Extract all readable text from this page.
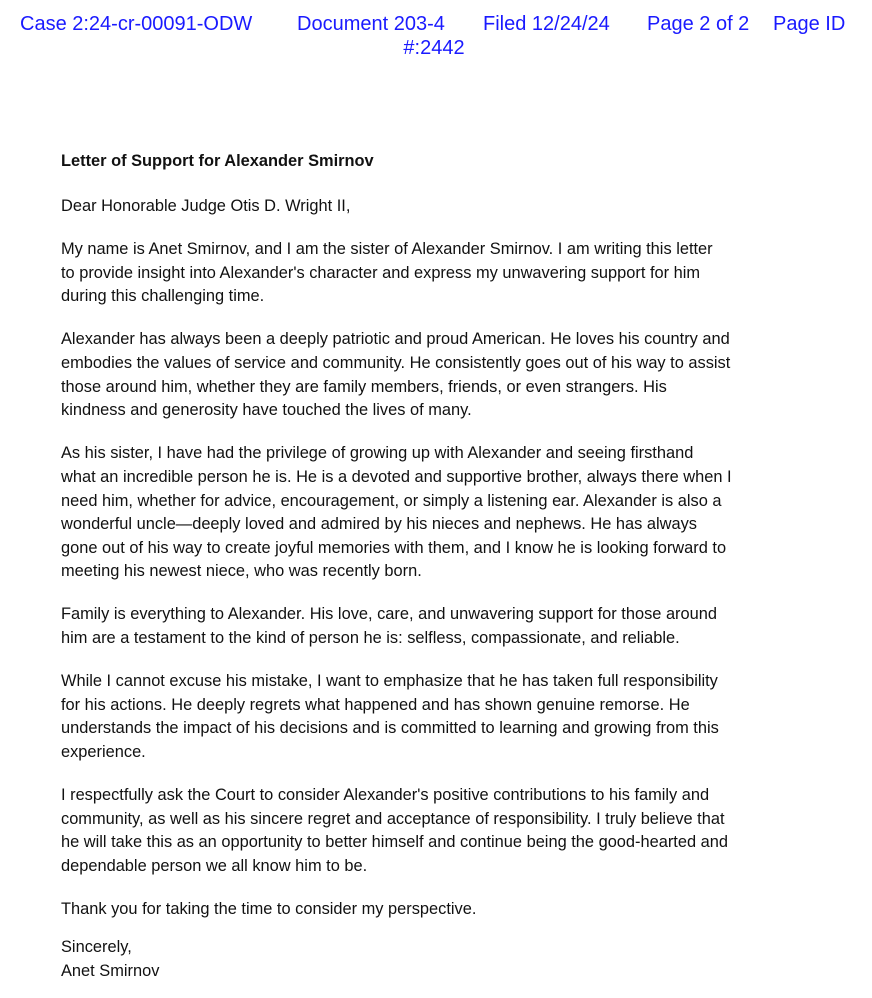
Case 2:24-cr-00091-ODW Document 203-4 Filed 12/24/24 Page 2 of 2 Page ID
#:2442
Letter of Support for Alexander Smirnov
Dear Honorable Judge Otis D. Wright II,
My name is Anet Smirnov, and I am the sister of Alexander Smirnov. I am writing this letter
to provide insight into Alexander's character and express my unwavering support for him
during this challenging time.
Alexander has always been a deeply patriotic and proud American. He loves his country and
embodies the values of service and community. He consistently goes out of his way to assist
those around him, whether they are family members, friends, or even strangers. His
kindness and generosity have touched the lives of many.
As his sister, I have had the privilege of growing up with Alexander and seeing firsthand
what an incredible person he is. He is a devoted and supportive brother, always there when I
need him, whether for advice, encouragement, or simply a listening ear. Alexander is also a
wonderful uncle—deeply loved and admired by his nieces and nephews. He has always
gone out of his way to create joyful memories with them, and I know he is looking forward to
meeting his newest niece, who was recently born.
Family is everything to Alexander. His love, care, and unwavering support for those around
him are a testament to the kind of person he is: selfless, compassionate, and reliable.
While I cannot excuse his mistake, I want to emphasize that he has taken full responsibility
for his actions. He deeply regrets what happened and has shown genuine remorse. He
understands the impact of his decisions and is committed to learning and growing from this
experience.
I respectfully ask the Court to consider Alexander's positive contributions to his family and
community, as well as his sincere regret and acceptance of responsibility. I truly believe that
he will take this as an opportunity to better himself and continue being the good-hearted and
dependable person we all know him to be.
Thank you for taking the time to consider my perspective.
Sincerely,
Anet Smirnov
